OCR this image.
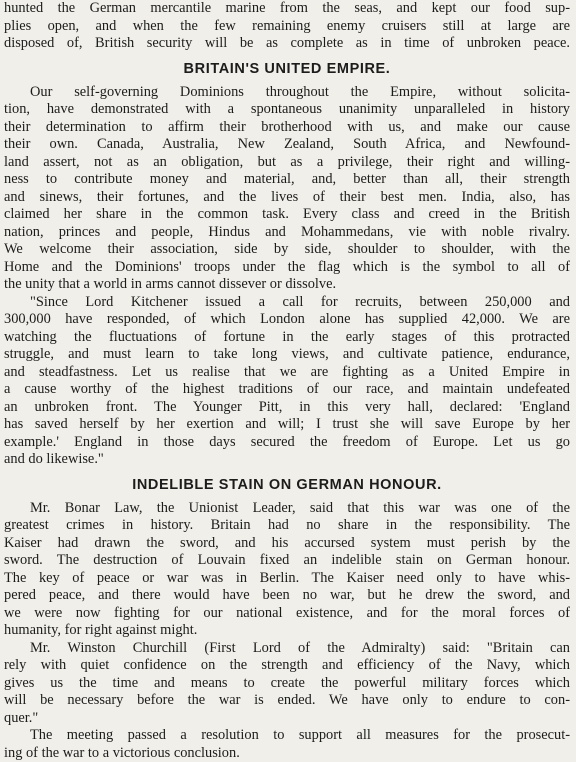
hunted the German mercantile marine from the seas, and kept our food sup-
plies open, and when the few remaining enemy cruisers still at large are
disposed of, British security will be as complete as in time of unbroken peace.
BRITAIN'S UNITED EMPIRE.
Our self-governing Dominions throughout the Empire, without solicita-
tion, have demonstrated with a spontaneous unanimity unparalleled in history
their determination to affirm their brotherhood with us, and make our cause
their own. Canada, Australia, New Zealand, South Africa, and Newfound-
land assert, not as an obligation, but as a privilege, their right and willing-
ness to contribute money and material, and, better than all, their strength
and sinews, their fortunes, and the lives of their best men. India, also, has
claimed her share in the common task. Every class and creed in the British
nation, princes and people, Hindus and Mohammedans, vie with noble rivalry.
We welcome their association, side by side, shoulder to shoulder, with the
Home and the Dominions' troops under the flag which is the symbol to all of
the unity that a world in arms cannot dissever or dissolve.
"Since Lord Kitchener issued a call for recruits, between 250,000 and
300,000 have responded, of which London alone has supplied 42,000. We are
watching the fluctuations of fortune in the early stages of this protracted
struggle, and must learn to take long views, and cultivate patience, endurance,
and steadfastness. Let us realise that we are fighting as a United Empire in
a cause worthy of the highest traditions of our race, and maintain undefeated
an unbroken front. The Younger Pitt, in this very hall, declared: 'England
has saved herself by her exertion and will; I trust she will save Europe by her
example.' England in those days secured the freedom of Europe. Let us go
and do likewise."
INDELIBLE STAIN ON GERMAN HONOUR.
Mr. Bonar Law, the Unionist Leader, said that this war was one of the
greatest crimes in history. Britain had no share in the responsibility. The
Kaiser had drawn the sword, and his accursed system must perish by the
sword. The destruction of Louvain fixed an indelible stain on German honour.
The key of peace or war was in Berlin. The Kaiser need only to have whis-
pered peace, and there would have been no war, but he drew the sword, and
we were now fighting for our national existence, and for the moral forces of
humanity, for right against might.
Mr. Winston Churchill (First Lord of the Admiralty) said: "Britain can
rely with quiet confidence on the strength and efficiency of the Navy, which
gives us the time and means to create the powerful military forces which
will be necessary before the war is ended. We have only to endure to con-
quer."
The meeting passed a resolution to support all measures for the prosecut-
ing of the war to a victorious conclusion.
